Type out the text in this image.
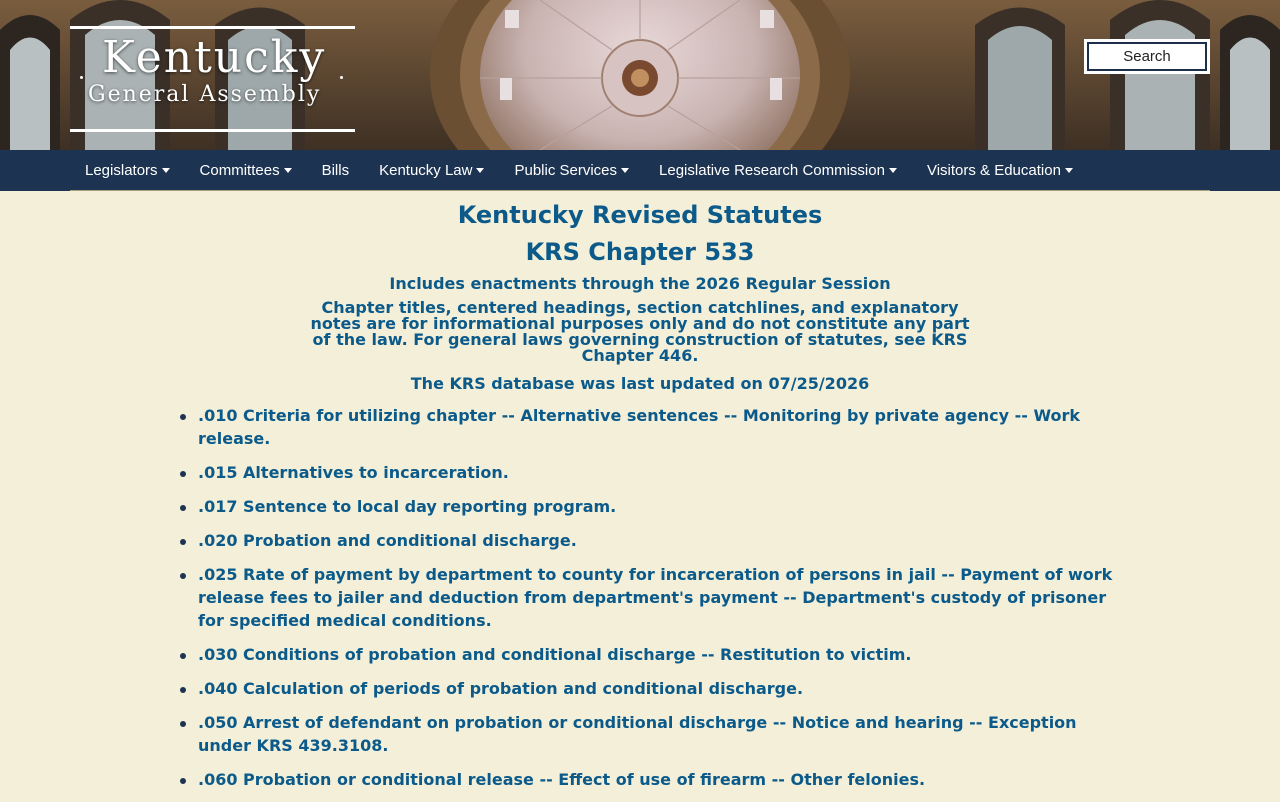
Kentucky
General Assembly
Search
Legislators	Committees	Bills Kentucky Law	Public Services	Legislative Research Commission	Visitors & Education
Kentucky Revised Statutes
KRS Chapter 533
Includes enactments through the 2026 Regular Session
Chapter titles, centered headings, section catchlines, and explanatory notes are for informational purposes only and do not constitute any part of the law. For general laws governing construction of statutes, see KRS Chapter 446.
The KRS database was last updated on 07/25/2026
.010 Criteria for utilizing chapter -- Alternative sentences -- Monitoring by private agency -- Work release.
.015 Alternatives to incarceration.
.017 Sentence to local day reporting program.
.020 Probation and conditional discharge.
.025 Rate of payment by department to county for incarceration of persons in jail -- Payment of work release fees to jailer and deduction from department's payment -- Department's custody of prisoner for specified medical conditions.
.030 Conditions of probation and conditional discharge -- Restitution to victim.
.040 Calculation of periods of probation and conditional discharge.
.050 Arrest of defendant on probation or conditional discharge -- Notice and hearing -- Exception under KRS 439.3108.
.060 Probation or conditional release -- Effect of use of firearm -- Other felonies.
